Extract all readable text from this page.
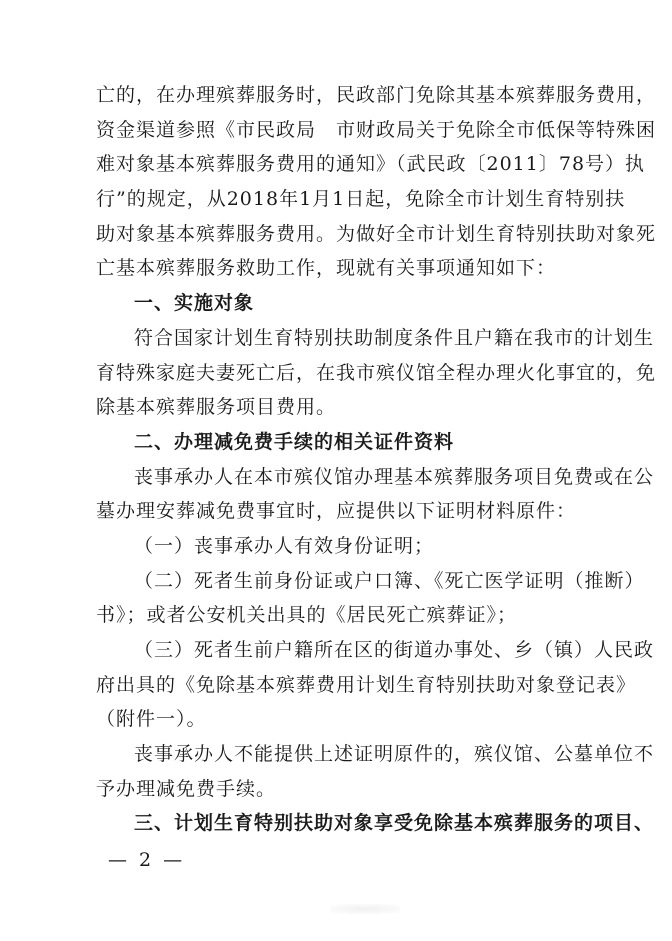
亡的，在办理殡葬服务时，民政部门免除其基本殡葬服务费用，
资金渠道参照《市民政局　市财政局关于免除全市低保等特殊困
难对象基本殡葬服务费用的通知》（武民政〔2011〕78号）执
行”的规定，从2018年1月1日起，免除全市计划生育特别扶
助对象基本殡葬服务费用。为做好全市计划生育特别扶助对象死
亡基本殡葬服务救助工作，现就有关事项通知如下：
一、实施对象
符合国家计划生育特别扶助制度条件且户籍在我市的计划生
育特殊家庭夫妻死亡后，在我市殡仪馆全程办理火化事宜的，免
除基本殡葬服务项目费用。
二、办理减免费手续的相关证件资料
丧事承办人在本市殡仪馆办理基本殡葬服务项目免费或在公
墓办理安葬减免费事宜时，应提供以下证明材料原件：
（一）丧事承办人有效身份证明；
（二）死者生前身份证或户口簿、《死亡医学证明（推断）
书》；或者公安机关出具的《居民死亡殡葬证》；
（三）死者生前户籍所在区的街道办事处、乡（镇）人民政
府出具的《免除基本殡葬费用计划生育特别扶助对象登记表》
（附件一）。
丧事承办人不能提供上述证明原件的，殡仪馆、公墓单位不
予办理减免费手续。
三、计划生育特别扶助对象享受免除基本殡葬服务的项目、
— 2 —
